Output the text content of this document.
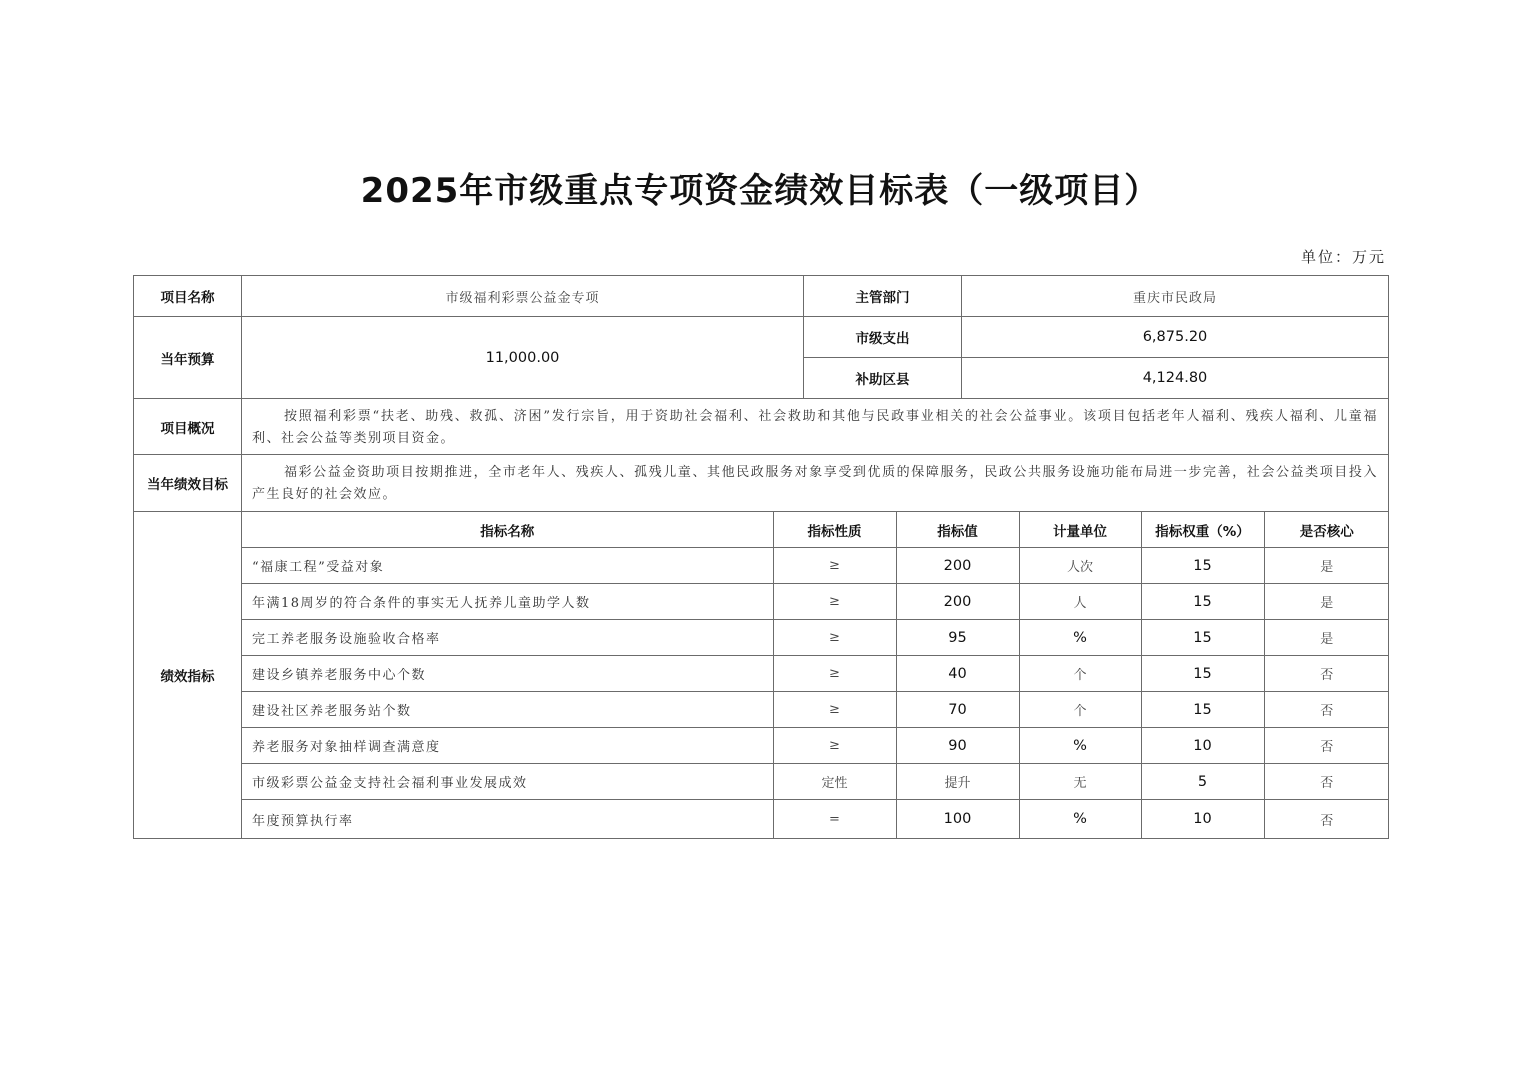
2025年市级重点专项资金绩效目标表（一级项目）
单位：万元
项目名称	市级福利彩票公益金专项	主管部门	重庆市民政局
当年预算	11,000.00	市级支出	6,875.20
补助区县	4,124.80
项目概况	按照福利彩票“扶老、助残、救孤、济困”发行宗旨，用于资助社会福利、社会救助和其他与民政事业相关的社会公益事业。该项目包括老年人福利、残疾人福利、儿童福利、社会公益等类别项目资金。
当年绩效目标	福彩公益金资助项目按期推进，全市老年人、残疾人、孤残儿童、其他民政服务对象享受到优质的保障服务，民政公共服务设施功能布局进一步完善，社会公益类项目投入产生良好的社会效应。
绩效指标	
指标名称	指标性质	指标值	计量单位	指标权重（%）	是否核心
“福康工程”受益对象	≥	200	人次	15	是
年满18周岁的符合条件的事实无人抚养儿童助学人数	≥	200	人	15	是
完工养老服务设施验收合格率	≥	95	%	15	是
建设乡镇养老服务中心个数	≥	40	个	15	否
建设社区养老服务站个数	≥	70	个	15	否
养老服务对象抽样调查满意度	≥	90	%	10	否
市级彩票公益金支持社会福利事业发展成效	定性	提升	无	5	否
年度预算执行率	=	100	%	10	否
